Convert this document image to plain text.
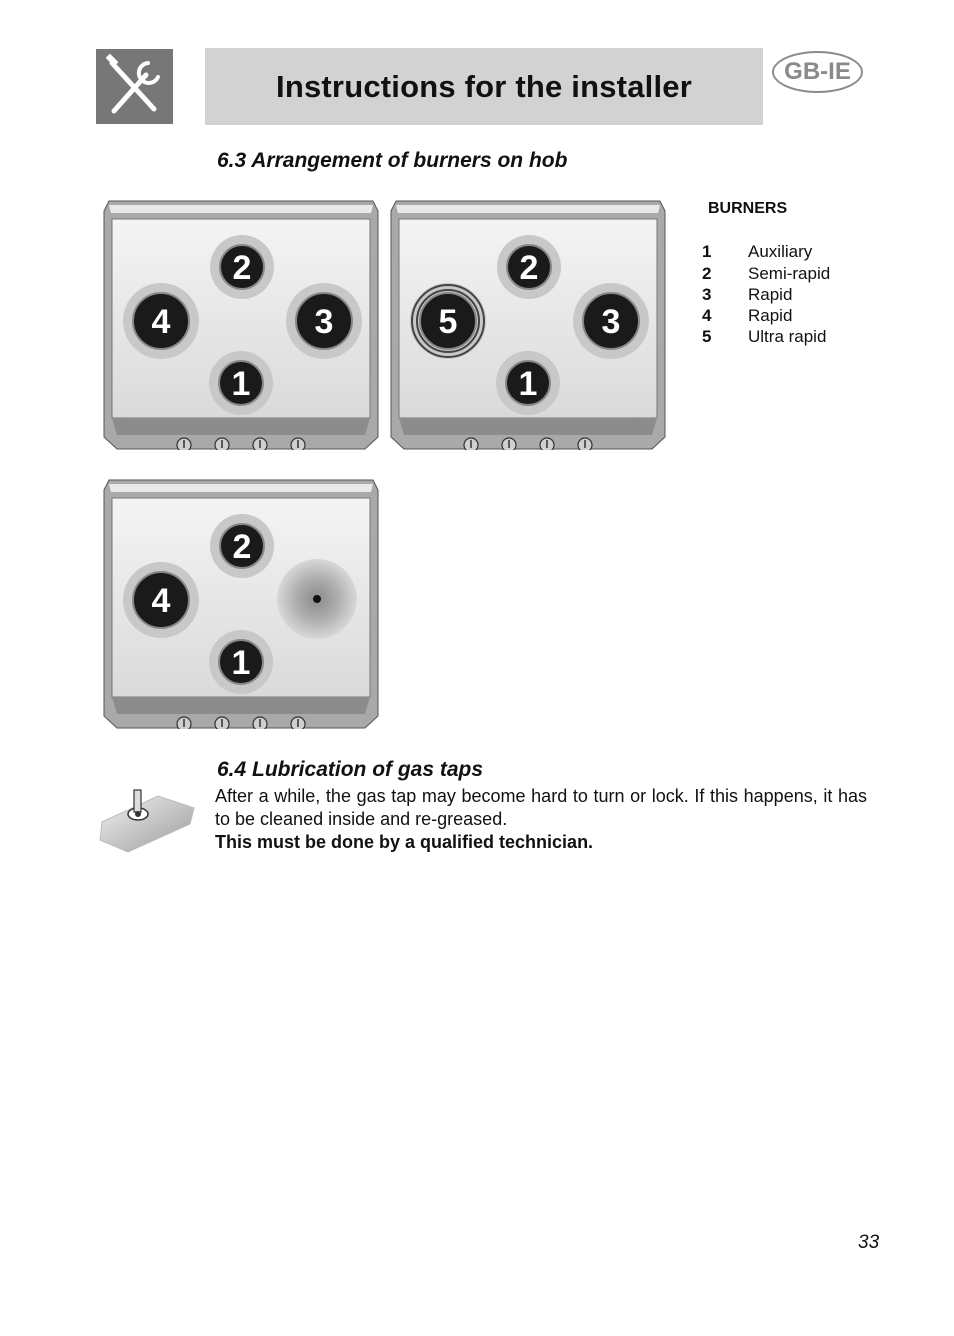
Instructions for the installer	GB-IE
6.3 Arrangement of burners on hob
2
4	3
1
2
5	3
1
2
4
1
BURNERS
1 Auxiliary
2 Semi-rapid
3 Rapid
4 Rapid
5 Ultra rapid
6.4 Lubrication of gas taps

After a while, the gas tap may become hard to turn or lock. If this happens, it has to be cleaned inside and re-greased.

This must be done by a qualified technician.

33
